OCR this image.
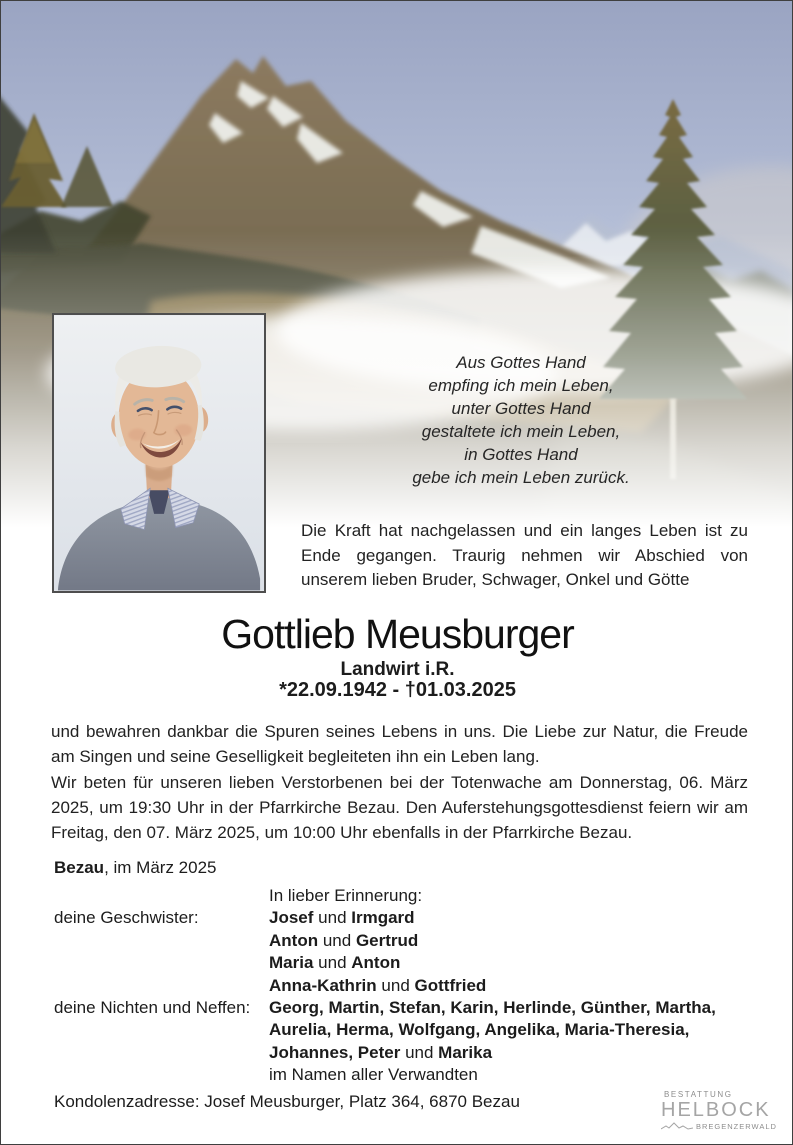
Aus Gottes Hand
empfing ich mein Leben,
unter Gottes Hand
gestaltete ich mein Leben,
in Gottes Hand
gebe ich mein Leben zurück.
Die Kraft hat nachgelassen und ein langes Leben ist zu Ende gegangen. Traurig nehmen wir Abschied von unserem lieben Bruder, Schwager, Onkel und Götte
Gottlieb Meusburger
Landwirt i.R.
*22.09.1942 - †01.03.2025
und bewahren dankbar die Spuren seines Lebens in uns. Die Liebe zur Natur, die Freude am Singen und seine Geselligkeit begleiteten ihn ein Leben lang.
Wir beten für unseren lieben Verstorbenen bei der Totenwache am Donnerstag, 06. März 2025, um 19:30 Uhr in der Pfarrkirche Bezau. Den Auferstehungsgottesdienst feiern wir am Freitag, den 07. März 2025, um 10:00 Uhr ebenfalls in der Pfarrkirche Bezau.
Bezau, im März 2025
In lieber Erinnerung:
deine Geschwister:	Josef und Irmgard
Anton und Gertrud
Maria und Anton
Anna-Kathrin und Gottfried
deine Nichten und Neffen:	Georg, Martin, Stefan, Karin, Herlinde, Günther, Martha,
Aurelia, Herma, Wolfgang, Angelika, Maria-Theresia,
Johannes, Peter und Marika
im Namen aller Verwandten
Kondolenzadresse: Josef Meusburger, Platz 364, 6870 Bezau	BESTATTUNG
HELBOCK
BREGENZERWALD
